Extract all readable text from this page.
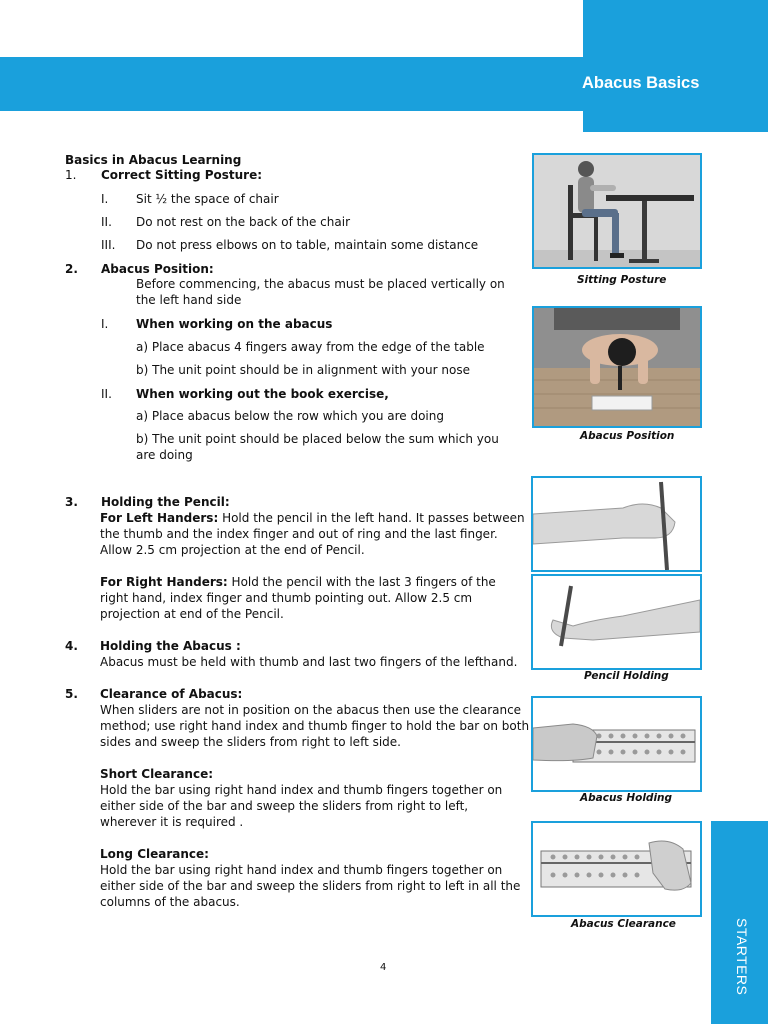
Abacus Basics
STARTERS
Basics in Abacus Learning
1. Correct Sitting Posture:
I. Sit ½ the space of chair
II. Do not rest on the back of the chair
III. Do not press elbows on to table, maintain some distance
2. Abacus Position:
Before commencing, the abacus must be placed vertically on the left hand side
I. When working on the abacus
a) Place abacus 4 fingers away from the edge of the table
b) The unit point should be in alignment with your nose
II. When working out the book exercise,
a) Place abacus below the row which you are doing
b) The unit point should be placed below the sum which you are doing
3. Holding the Pencil:
For Left Handers: Hold the pencil in the left hand. It passes between the thumb and the index finger and out of ring and the last finger. Allow 2.5 cm projection at the end of Pencil.
For Right Handers: Hold the pencil with the last 3 fingers of the right hand, index finger and thumb pointing out. Allow 2.5 cm projection at end of the Pencil.
4. Holding the Abacus :
Abacus must be held with thumb and last two fingers of the lefthand.
5. Clearance of Abacus:
When sliders are not in position on the abacus then use the clearance method; use right hand index and thumb finger to hold the bar on both sides and sweep the sliders from right to left side.
Short Clearance:
Hold the bar using right hand index and thumb fingers together on either side of the bar and sweep the sliders from right to left, wherever it is required .
Long Clearance:
Hold the bar using right hand index and thumb fingers together on either side of the bar and sweep the sliders from right to left in all the columns of the abacus.
Sitting Posture
Abacus Position
Pencil Holding
Abacus Holding
Abacus Clearance
4
